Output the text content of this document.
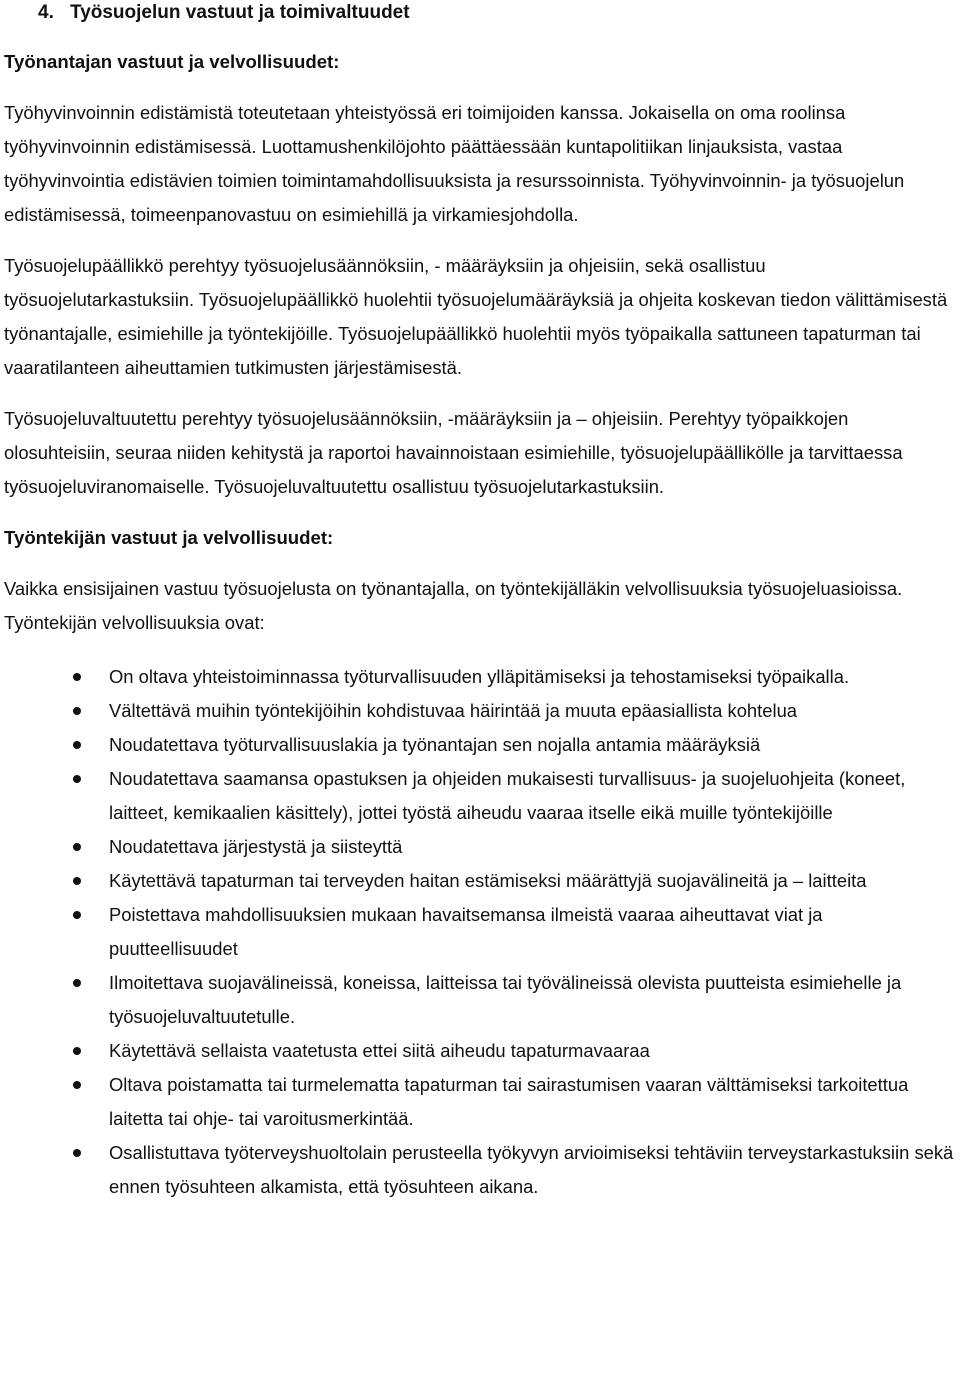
4. Työsuojelun vastuut ja toimivaltuudet
Työnantajan vastuut ja velvollisuudet:

Työhyvinvoinnin edistämistä toteutetaan yhteistyössä eri toimijoiden kanssa. Jokaisella on oma roolinsa työhyvinvoinnin edistämisessä. Luottamushenkilöjohto päättäessään kuntapolitiikan linjauksista, vastaa työhyvinvointia edistävien toimien toimintamahdollisuuksista ja resurssoinnista. Työhyvinvoinnin- ja työsuojelun edistämisessä, toimeenpanovastuu on esimiehillä ja virkamiesjohdolla.

Työsuojelupäällikkö perehtyy työsuojelusäännöksiin, - määräyksiin ja ohjeisiin, sekä osallistuu työsuojelutarkastuksiin. Työsuojelupäällikkö huolehtii työsuojelumääräyksiä ja ohjeita koskevan tiedon välittämisestä työnantajalle, esimiehille ja työntekijöille. Työsuojelupäällikkö huolehtii myös työpaikalla sattuneen tapaturman tai vaaratilanteen aiheuttamien tutkimusten järjestämisestä.

Työsuojeluvaltuutettu perehtyy työsuojelusäännöksiin, -määräyksiin ja – ohjeisiin. Perehtyy työpaikkojen olosuhteisiin, seuraa niiden kehitystä ja raportoi havainnoistaan esimiehille, työsuojelupäällikölle ja tarvittaessa työsuojeluviranomaiselle. Työsuojeluvaltuutettu osallistuu työsuojelutarkastuksiin.

Työntekijän vastuut ja velvollisuudet:

Vaikka ensisijainen vastuu työsuojelusta on työnantajalla, on työntekijälläkin velvollisuuksia työsuojeluasioissa. Työntekijän velvollisuuksia ovat:

On oltava yhteistoiminnassa työturvallisuuden ylläpitämiseksi ja tehostamiseksi työpaikalla.
Vältettävä muihin työntekijöihin kohdistuvaa häirintää ja muuta epäasiallista kohtelua
Noudatettava työturvallisuuslakia ja työnantajan sen nojalla antamia määräyksiä
Noudatettava saamansa opastuksen ja ohjeiden mukaisesti turvallisuus- ja suojeluohjeita (koneet, laitteet, kemikaalien käsittely), jottei työstä aiheudu vaaraa itselle eikä muille työntekijöille
Noudatettava järjestystä ja siisteyttä
Käytettävä tapaturman tai terveyden haitan estämiseksi määrättyjä suojavälineitä ja – laitteita
Poistettava mahdollisuuksien mukaan havaitsemansa ilmeistä vaaraa aiheuttavat viat ja puutteellisuudet
Ilmoitettava suojavälineissä, koneissa, laitteissa tai työvälineissä olevista puutteista esimiehelle ja työsuojeluvaltuutetulle.
Käytettävä sellaista vaatetusta ettei siitä aiheudu tapaturmavaaraa
Oltava poistamatta tai turmelematta tapaturman tai sairastumisen vaaran välttämiseksi tarkoitettua laitetta tai ohje- tai varoitusmerkintää.
Osallistuttava työterveyshuoltolain perusteella työkyvyn arvioimiseksi tehtäviin terveystarkastuksiin sekä ennen työsuhteen alkamista, että työsuhteen aikana.
